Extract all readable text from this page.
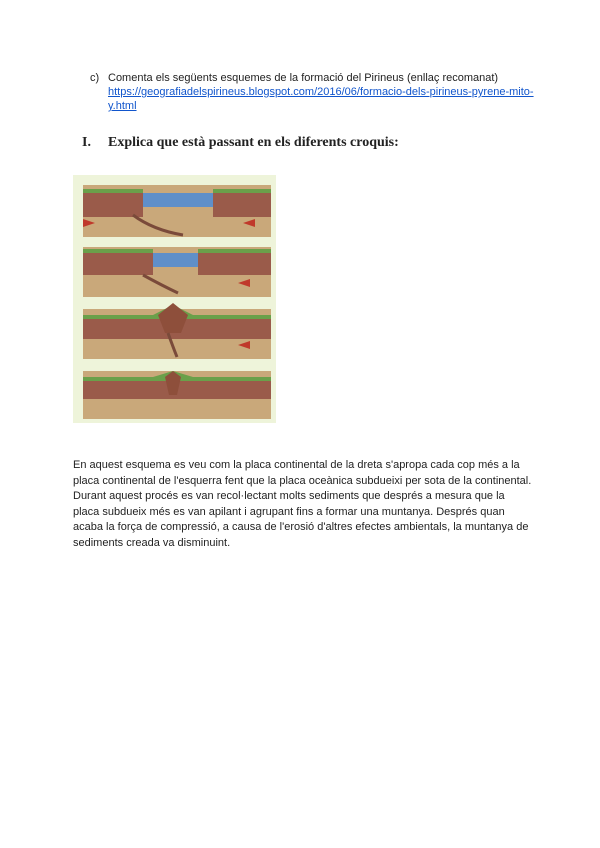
c) Comenta els següents esquemes de la formació del Pirineus (enllaç recomanat)
https://geografiadelspirineus.blogspot.com/2016/06/formacio-dels-pirineus-pyrene-mito-y.html
I. Explica que està passant en els diferents croquis:

En aquest esquema es veu com la placa continental de la dreta s'apropa cada cop més a la placa continental de l'esquerra fent que la placa oceànica subdueixi per sota de la continental. Durant aquest procés es van recol·lectant molts sediments que després a mesura que la placa subdueix més es van apilant i agrupant fins a formar una muntanya. Després quan acaba la força de compressió, a causa de l'erosió d'altres efectes ambientals, la muntanya de sediments creada va disminuint.
